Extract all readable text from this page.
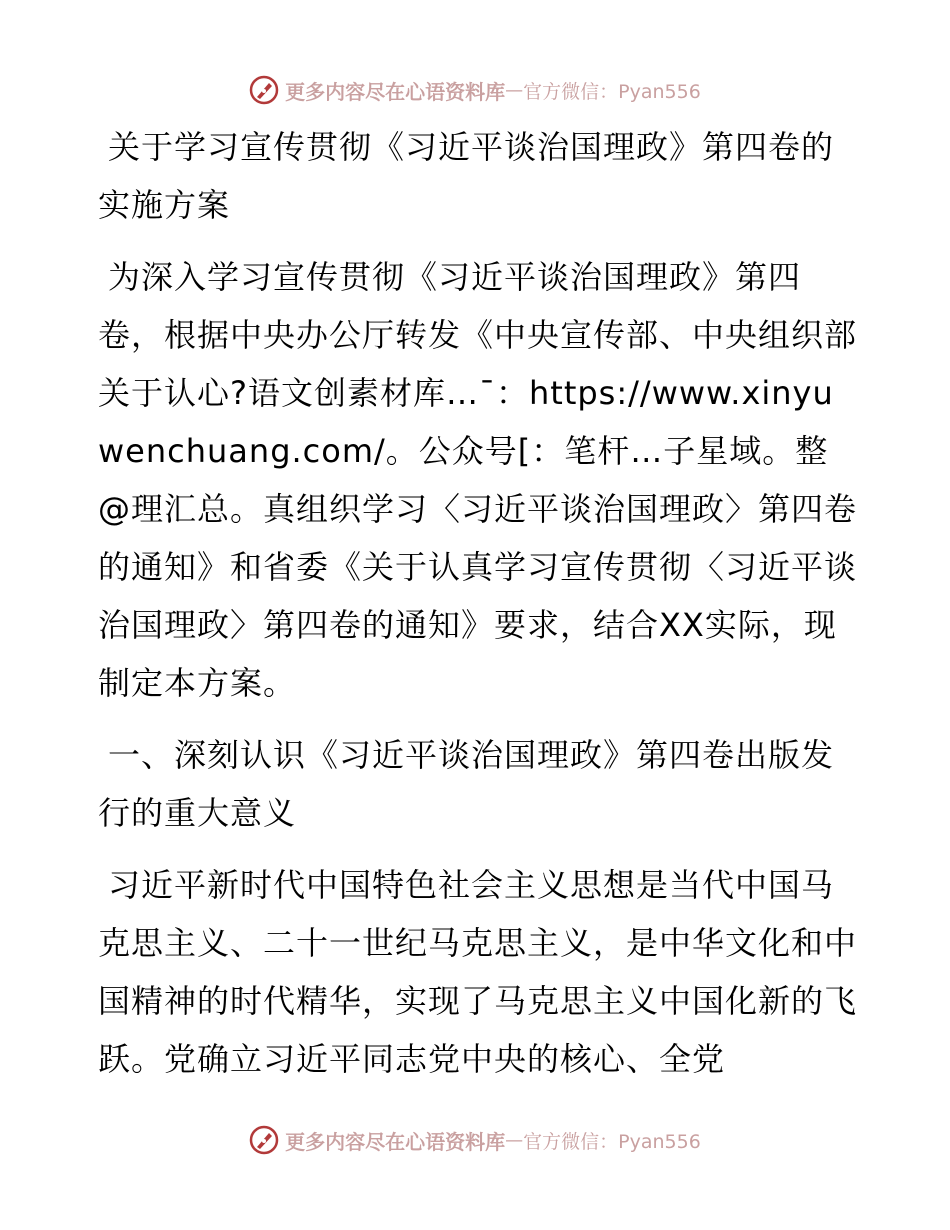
更多内容尽在心语资料库 — 官方微信：Pyan556

关于学习宣传贯彻《习近平谈治国理政》第四卷的实施方案

为深入学习宣传贯彻《习近平谈治国理政》第四卷，根据中央办公厅转发《中央宣传部、中央组织部关于认心?语文创素材库…¯：https://www.xinyuwenchuang.com/。公众号[：笔杆…子星域。整@理汇总。真组织学习〈习近平谈治国理政〉第四卷的通知》和省委《关于认真学习宣传贯彻〈习近平谈治国理政〉第四卷的通知》要求，结合XX实际，现制定本方案。

一、深刻认识《习近平谈治国理政》第四卷出版发行的重大意义

习近平新时代中国特色社会主义思想是当代中国马克思主义、二十一世纪马克思主义，是中华文化和中国精神的时代精华，实现了马克思主义中国化新的飞跃。党确立习近平同志党中央的核心、全党

更多内容尽在心语资料库 — 官方微信：Pyan556
